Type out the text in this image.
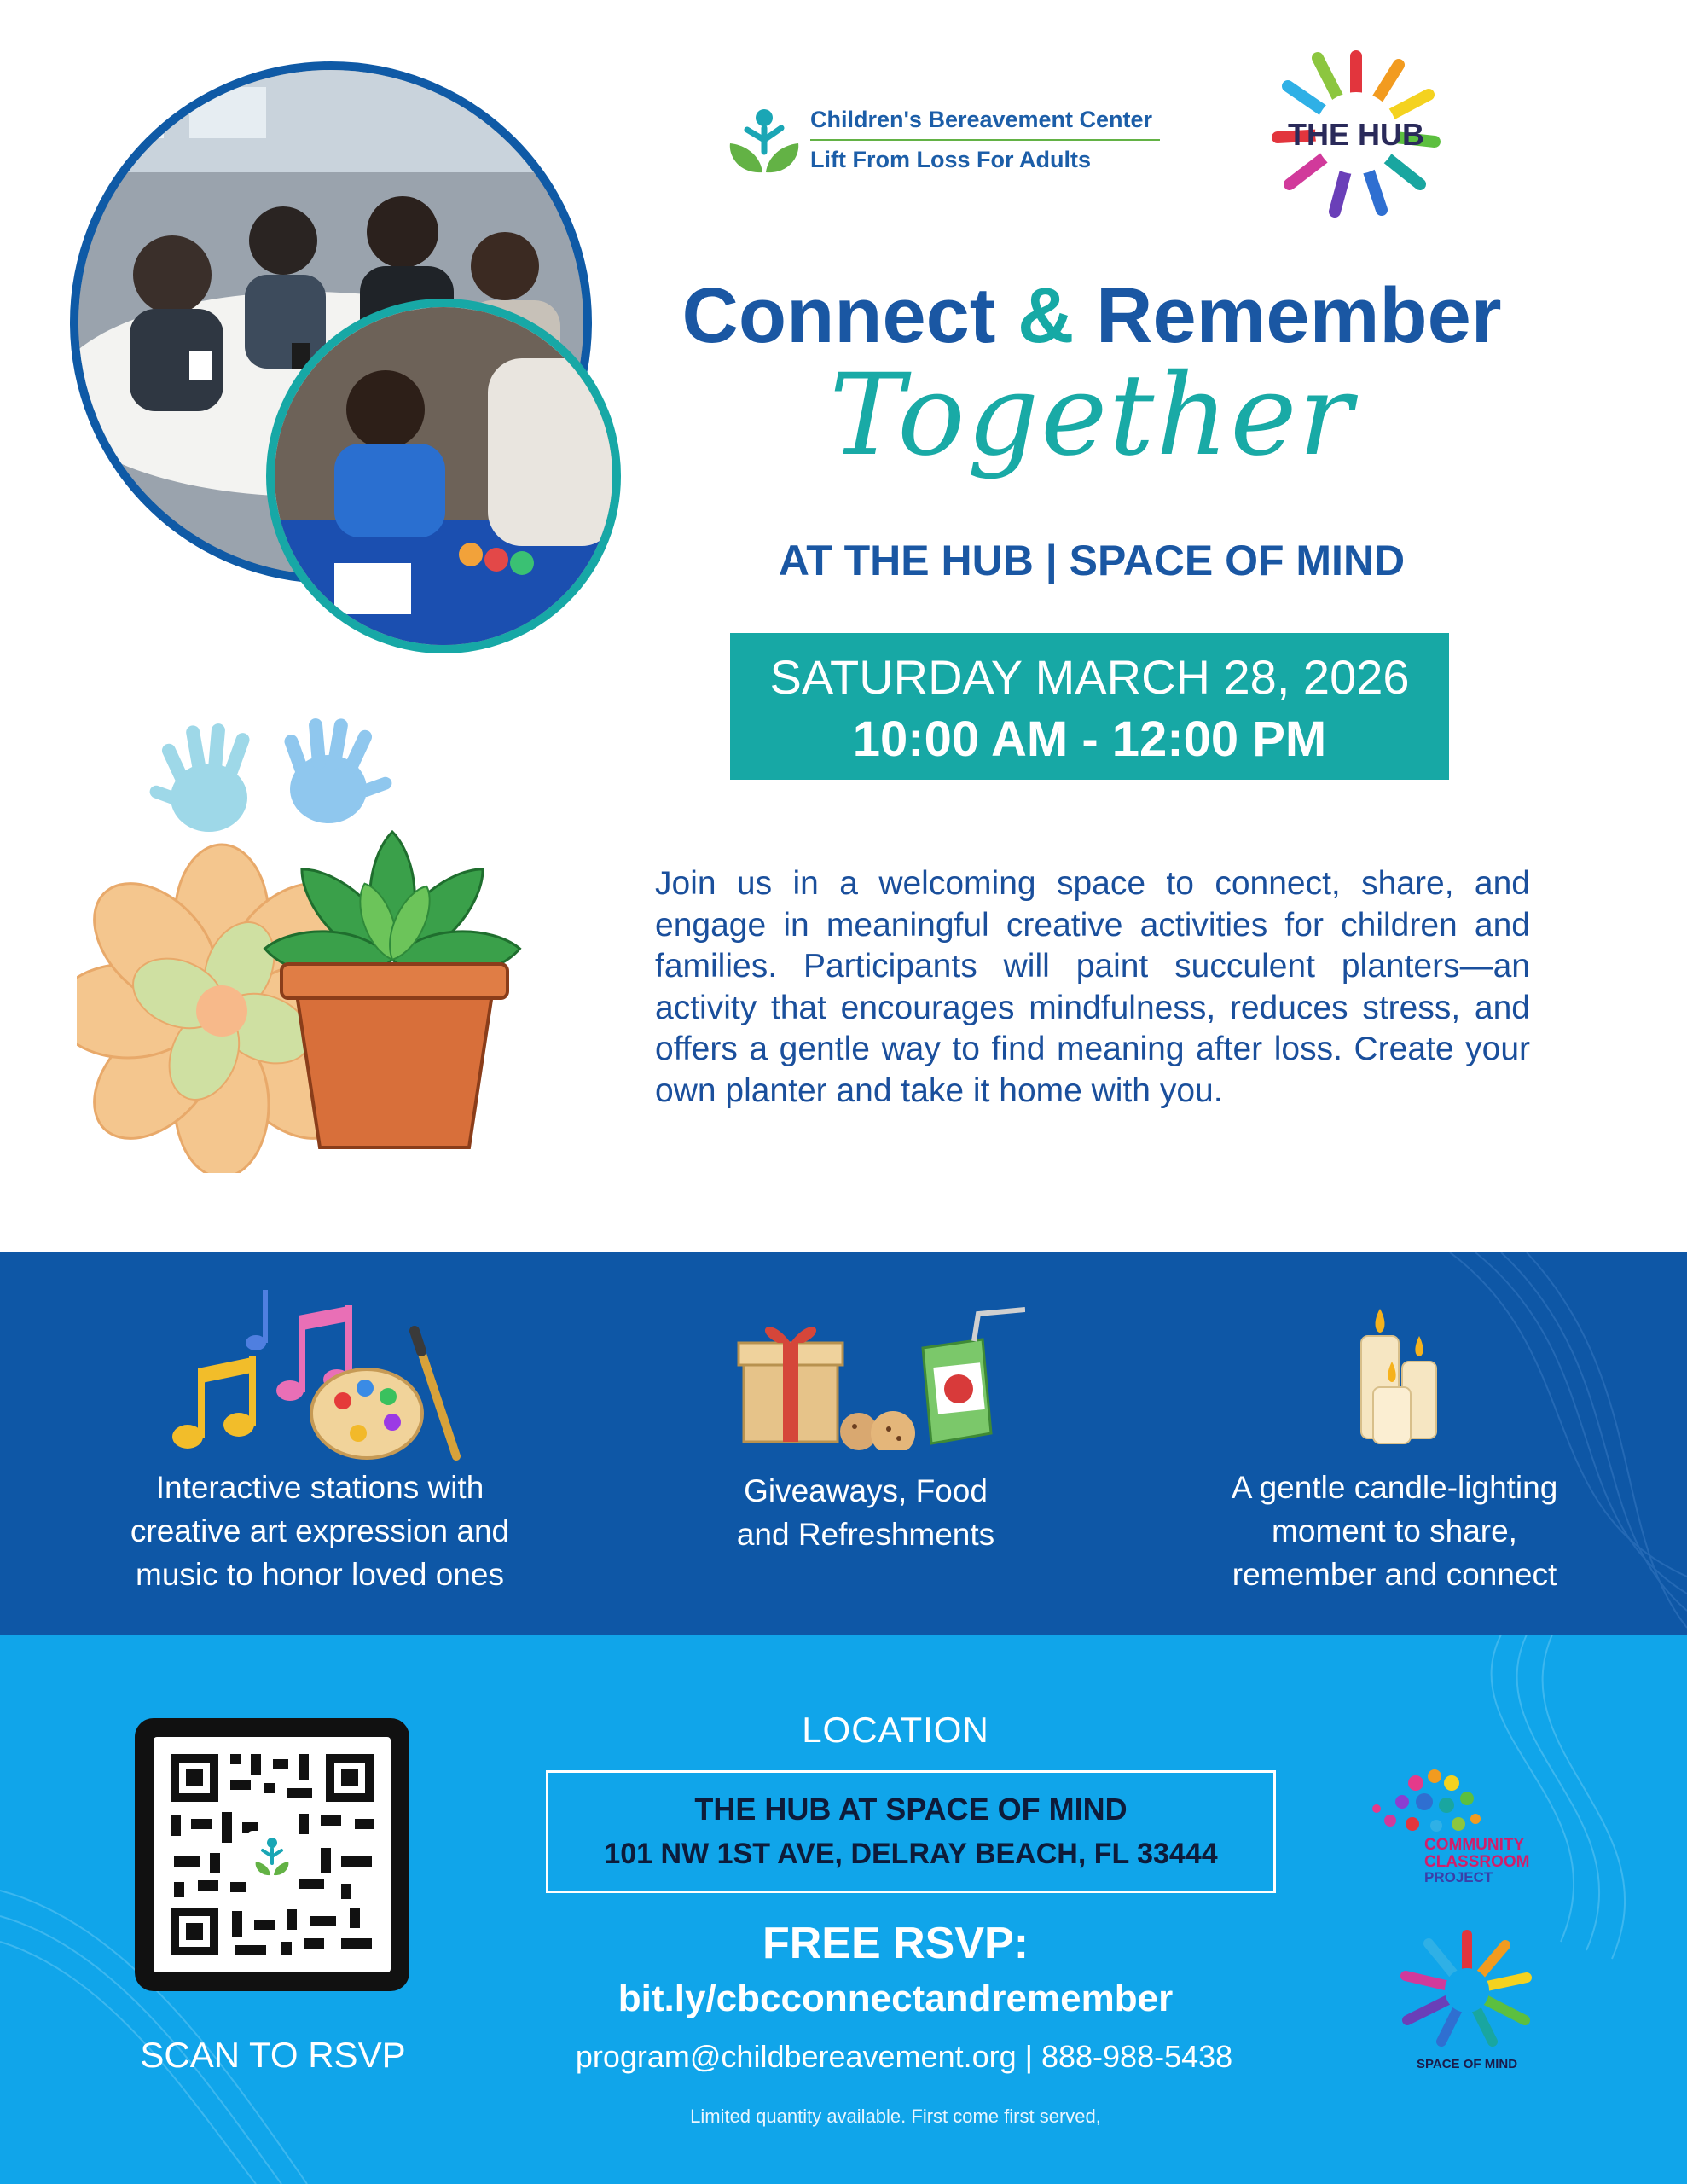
Children's Bereavement Center
Lift From Loss For Adults
THE HUB
Connect & Remember
Together
AT THE HUB | SPACE OF MIND
SATURDAY MARCH 28, 2026
10:00 AM - 12:00 PM
Join us in a welcoming space to connect, share, and engage in meaningful creative activities for children and families. Participants will paint succulent planters—an activity that encourages mindfulness, reduces stress, and offers a gentle way to find meaning after loss. Create your own planter and take it home with you.
Interactive stations with
creative art expression and
music to honor loved ones
Giveaways, Food
and Refreshments
A gentle candle-lighting
moment to share,
remember and connect
SCAN TO RSVP
LOCATION
THE HUB AT SPACE OF MIND
101 NW 1ST AVE, DELRAY BEACH, FL 33444
FREE RSVP:
bit.ly/cbcconnectandremember
program@childbereavement.org | 888-988-5438
Limited quantity available. First come first served,
COMMUNITY
CLASSROOM
PROJECT
SPACE OF MIND
